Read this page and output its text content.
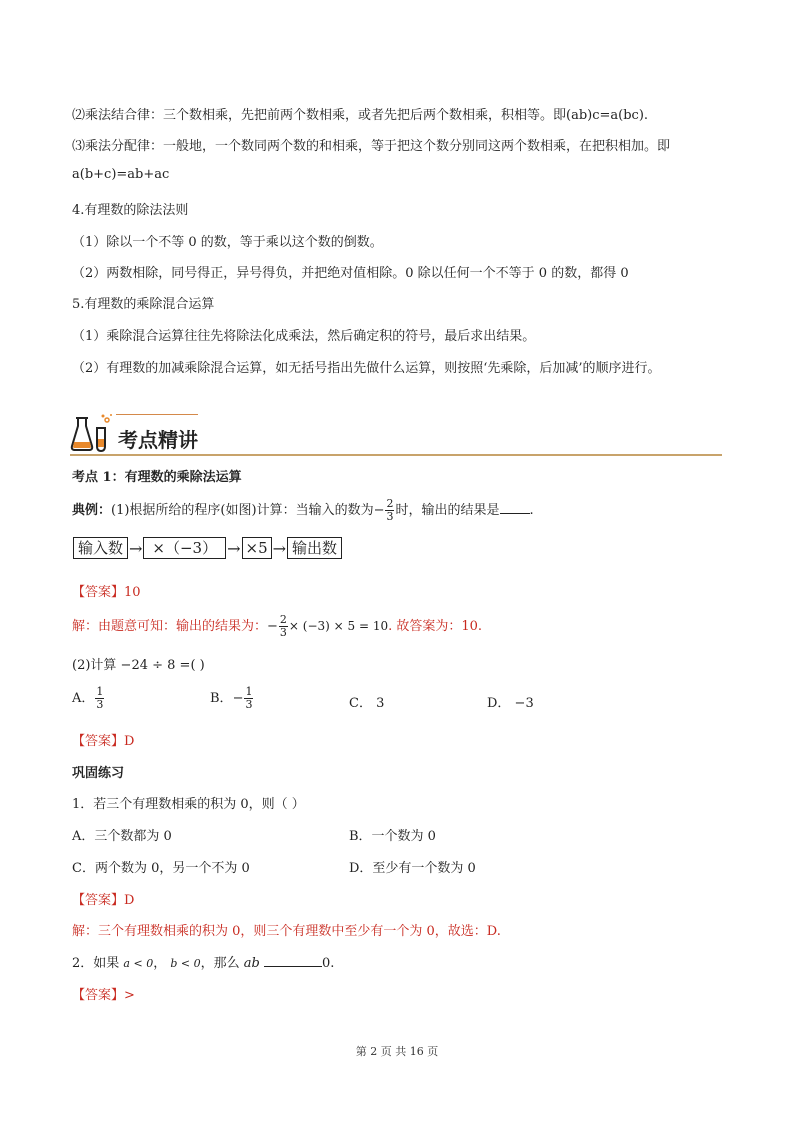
⑵乘法结合律：三个数相乘，先把前两个数相乘，或者先把后两个数相乘，积相等。即(ab)c=a(bc).
⑶乘法分配律：一般地，一个数同两个数的和相乘，等于把这个数分别同这两个数相乘，在把积相加。即
a(b+c)=ab+ac
4.有理数的除法法则
（1）除以一个不等 0 的数，等于乘以这个数的倒数。
（2）两数相除，同号得正，异号得负，并把绝对值相除。0 除以任何一个不等于 0 的数，都得 0
5.有理数的乘除混合运算
（1）乘除混合运算往往先将除法化成乘法，然后确定积的符号，最后求出结果。
（2）有理数的加减乘除混合运算，如无括号指出先做什么运算，则按照‘先乘除，后加减’的顺序进行。
考点精讲
考点 1：有理数的乘除法运算
典例：(1)根据所给的程序(如图)计算：当输入的数为− $\frac{2}{3}$ 时，输出的结果是 .
输入数 → ×（−3） → ×5 → 输出数
【答案】10
解：由题意可知：输出的结果为：− $\frac{2}{3} \times (-3) \times 5 = 10$. 故答案为：10.
(2)计算 −24 ÷ 8 =( )
A． $\frac{1}{3}$	B．− $\frac{1}{3}$	C． 3	D． −3
【答案】D
巩固练习
1．若三个有理数相乘的积为 0，则（ ）
A．三个数都为 0	B．一个数为 0
C．两个数为 0，另一个不为 0	D．至少有一个数为 0
【答案】D
解：三个有理数相乘的积为 0，则三个有理数中至少有一个为 0，故选：D.
2．如果 a < 0， b < 0，那么 ab	0.
【答案】>
第 2 页 共 16 页
